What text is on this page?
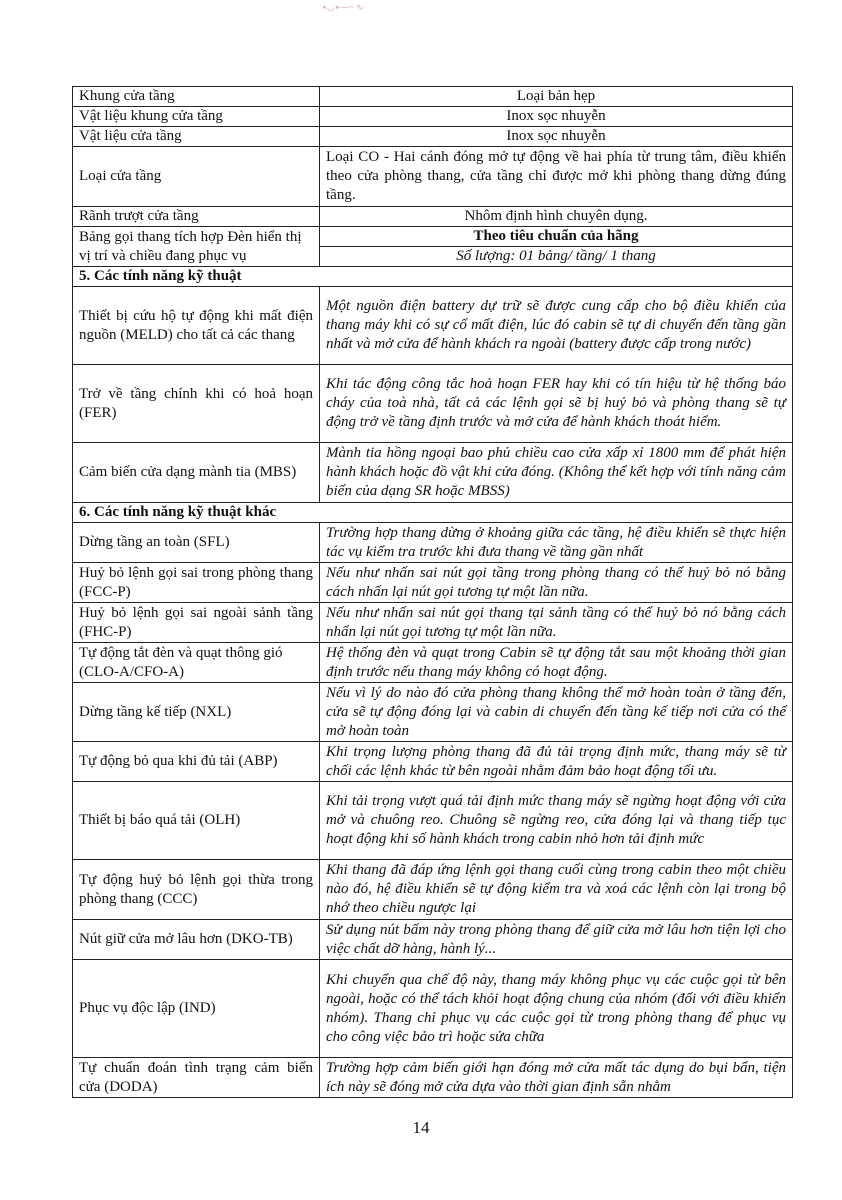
٭◡٭—~ ∿
Khung cửa tầng	Loại bản hẹp
Vật liệu khung cửa tầng	Inox sọc nhuyễn
Vật liệu cửa tầng	Inox sọc nhuyễn
Loại cửa tầng	Loại CO - Hai cánh đóng mở tự động về hai phía từ trung tâm, điều khiển theo cửa phòng thang, cửa tầng chỉ được mở khi phòng thang dừng đúng tầng.
Rãnh trượt cửa tầng	Nhôm định hình chuyên dụng.
Bảng gọi thang tích hợp Đèn hiển thị vị trí và chiều đang phục vụ	Theo tiêu chuẩn của hãng
	Số lượng: 01 bảng/ tầng/ 1 thang
5. Các tính năng kỹ thuật	
Thiết bị cứu hộ tự động khi mất điện nguồn (MELD) cho tất cả các thang	Một nguồn điện battery dự trữ sẽ được cung cấp cho bộ điều khiển của thang máy khi có sự cố mất điện, lúc đó cabin sẽ tự di chuyển đến tầng gần nhất và mở cửa để hành khách ra ngoài (battery được cấp trong nước)
Trở về tầng chính khi có hoả hoạn (FER)	Khi tác động công tắc hoả hoạn FER hay khi có tín hiệu từ hệ thống báo cháy của toà nhà, tất cả các lệnh gọi sẽ bị huỷ bỏ và phòng thang sẽ tự động trở về tầng định trước và mở cửa để hành khách thoát hiểm.
Cảm biến cửa dạng mành tia (MBS)	Mành tia hồng ngoại bao phủ chiều cao cửa xấp xỉ 1800 mm để phát hiện hành khách hoặc đồ vật khi cửa đóng. (Không thể kết hợp với tính năng cảm biến của dạng SR hoặc MBSS)
6. Các tính năng kỹ thuật khác	
Dừng tầng an toàn (SFL)	Trường hợp thang dừng ở khoảng giữa các tầng, hệ điều khiển sẽ thực hiện tác vụ kiểm tra trước khi đưa thang về tầng gần nhất
Huỷ bỏ lệnh gọi sai trong phòng thang (FCC-P)	Nếu như nhấn sai nút gọi tầng trong phòng thang có thể huỷ bỏ nó bằng cách nhấn lại nút gọi tương tự một lần nữa.
Huỷ bỏ lệnh gọi sai ngoài sảnh tầng (FHC-P)	Nếu như nhấn sai nút gọi thang tại sảnh tầng có thể huỷ bỏ nó bằng cách nhấn lại nút gọi tương tự một lần nữa.
Tự động tắt đèn và quạt thông gió (CLO-A/CFO-A)	Hệ thống đèn và quạt trong Cabin sẽ tự động tắt sau một khoảng thời gian định trước nếu thang máy không có hoạt động.
Dừng tầng kế tiếp (NXL)	Nếu vì lý do nào đó cửa phòng thang không thể mở hoàn toàn ở tầng đến, cửa sẽ tự động đóng lại và cabin di chuyển đến tầng kế tiếp nơi cửa có thể mở hoàn toàn
Tự động bỏ qua khi đủ tải (ABP)	Khi trọng lượng phòng thang đã đủ tải trọng định mức, thang máy sẽ từ chối các lệnh khác từ bên ngoài nhằm đảm bảo hoạt động tối ưu.
Thiết bị báo quá tải (OLH)	Khi tải trọng vượt quá tải định mức thang máy sẽ ngừng hoạt động với cửa mở và chuông reo. Chuông sẽ ngừng reo, cửa đóng lại và thang tiếp tục hoạt động khi số hành khách trong cabin nhỏ hơn tải định mức
Tự động huỷ bỏ lệnh gọi thừa trong phòng thang (CCC)	Khi thang đã đáp ứng lệnh gọi thang cuối cùng trong cabin theo một chiều nào đó, hệ điều khiển sẽ tự động kiểm tra và xoá các lệnh còn lại trong bộ nhớ theo chiều ngược lại
Nút giữ cửa mở lâu hơn (DKO-TB)	Sử dụng nút bấm này trong phòng thang để giữ cửa mở lâu hơn tiện lợi cho việc chất dỡ hàng, hành lý...
Phục vụ độc lập (IND)	Khi chuyển qua chế độ này, thang máy không phục vụ các cuộc gọi từ bên ngoài, hoặc có thể tách khỏi hoạt động chung của nhóm (đối với điều khiển nhóm). Thang chỉ phục vụ các cuộc gọi từ trong phòng thang để phục vụ cho công việc bảo trì hoặc sửa chữa
Tự chuẩn đoán tình trạng cảm biến cửa (DODA)	Trường hợp cảm biến giới hạn đóng mở cửa mất tác dụng do bụi bẩn, tiện ích này sẽ đóng mở cửa dựa vào thời gian định sẵn nhằm
14
